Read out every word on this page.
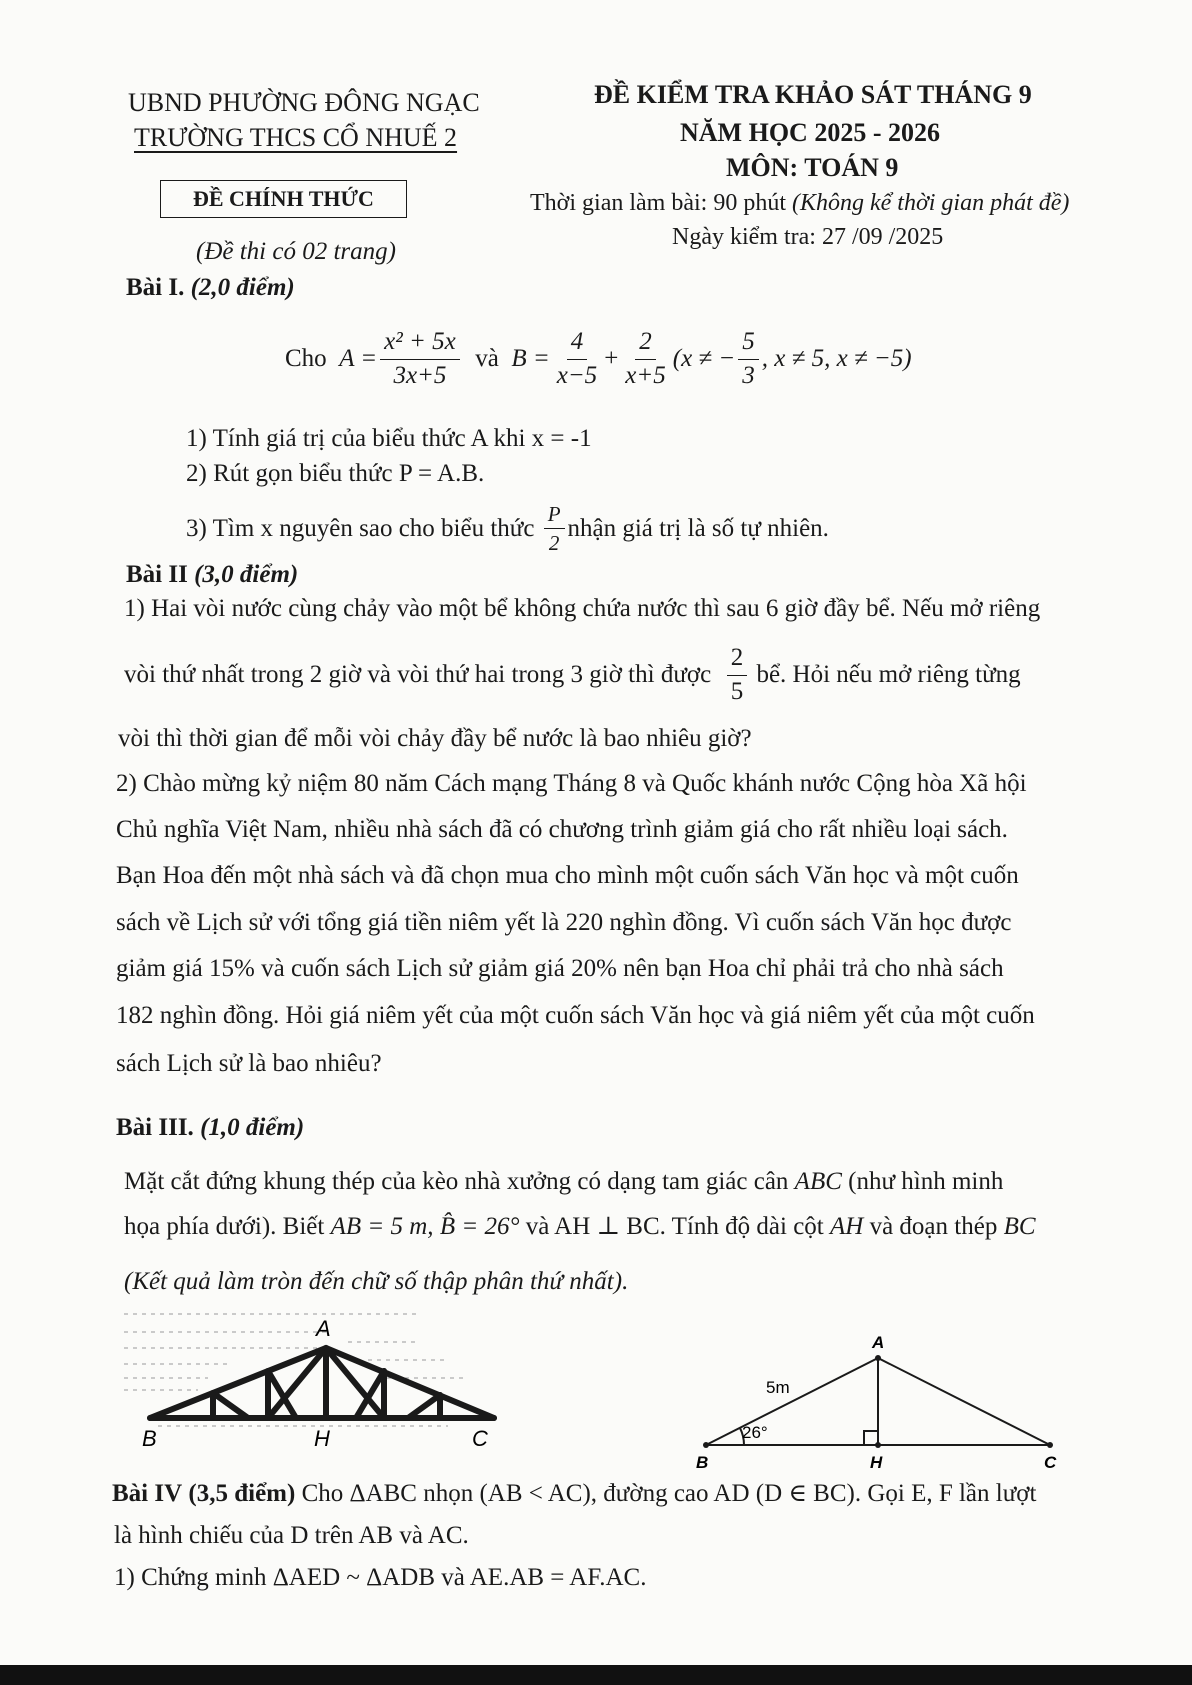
UBND PHƯỜNG ĐÔNG NGẠC
TRƯỜNG THCS CỔ NHUẾ 2
ĐỀ CHÍNH THỨC
(Đề thi có 02 trang)
ĐỀ KIỂM TRA KHẢO SÁT THÁNG 9
NĂM HỌC 2025 - 2026
MÔN: TOÁN 9
Thời gian làm bài: 90 phút (Không kể thời gian phát đề)
Ngày kiểm tra: 27 /09 /2025
Bài I. (2,0 điểm)
Cho
$A = \frac{\text{x² + 5x}}{3x+5}$
và
$B = \frac{4}{x-5} + \frac{2}{x+5} (x$ ≠ − $\frac{5}{3}$ , x ≠ 5, x ≠ −5)
1) Tính giá trị của biểu thức A khi x = -1
2) Rút gọn biểu thức P = A.B.
3) Tìm x nguyên sao cho biểu thức
$\frac{P}{2}$ nhận giá trị là số tự nhiên.
Bài II (3,0 điểm)
1) Hai vòi nước cùng chảy vào một bể không chứa nước thì sau 6 giờ đầy bể. Nếu mở riêng
vòi thứ nhất trong 2 giờ và vòi thứ hai trong 3 giờ thì được
$\frac{2}{5}$
bể. Hỏi nếu mở riêng từng
vòi thì thời gian để mỗi vòi chảy đầy bể nước là bao nhiêu giờ?
2) Chào mừng kỷ niệm 80 năm Cách mạng Tháng 8 và Quốc khánh nước Cộng hòa Xã hội
Chủ nghĩa Việt Nam, nhiều nhà sách đã có chương trình giảm giá cho rất nhiều loại sách.
Bạn Hoa đến một nhà sách và đã chọn mua cho mình một cuốn sách Văn học và một cuốn
sách về Lịch sử với tổng giá tiền niêm yết là 220 nghìn đồng. Vì cuốn sách Văn học được
giảm giá 15% và cuốn sách Lịch sử giảm giá 20% nên bạn Hoa chỉ phải trả cho nhà sách
182 nghìn đồng. Hỏi giá niêm yết của một cuốn sách Văn học và giá niêm yết của một cuốn
sách Lịch sử là bao nhiêu?
Bài III. (1,0 điểm)
Mặt cắt đứng khung thép của kèo nhà xưởng có dạng tam giác cân ABC (như hình minh
họa phía dưới). Biết AB = 5 m, B̂ = 26° và AH ⊥ BC. Tính độ dài cột AH và đoạn thép BC
(Kết quả làm tròn đến chữ số thập phân thứ nhất).
A
B	H	C
A
B	H	C
5m
26°
Bài IV (3,5 điểm) Cho ΔABC nhọn (AB < AC), đường cao AD (D ∈ BC). Gọi E, F lần lượt
là hình chiếu của D trên AB và AC.
1) Chứng minh ΔAED ~ ΔADB và AE.AB = AF.AC.
